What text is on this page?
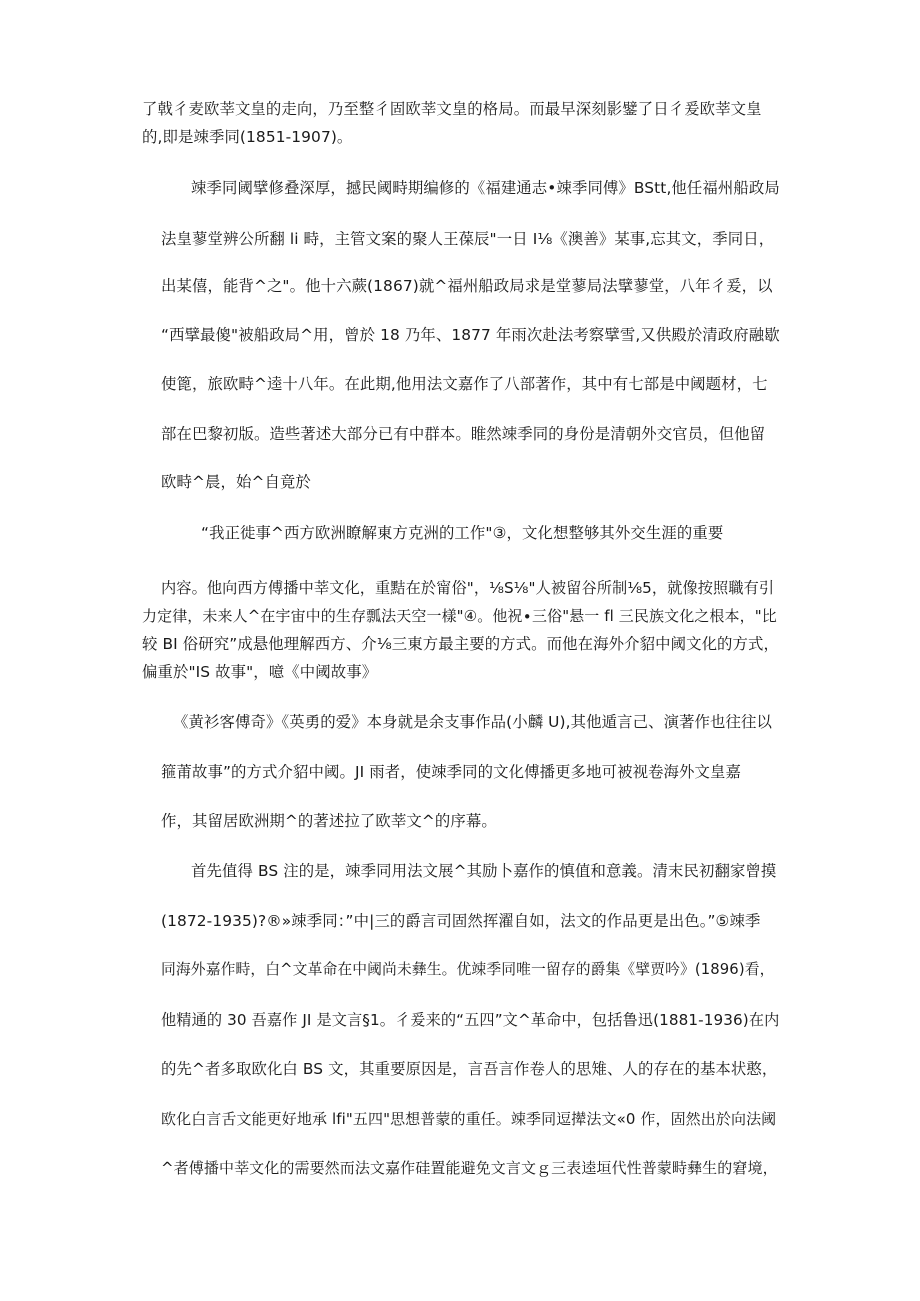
了戟彳麦欧莘文皇的走向，乃至整彳固欧莘文皇的格局。而最早深刻影鐾了日彳爰欧莘文皇
的,即是竦季同(1851-1907)。
竦季同阈擘修叠深厚，撼民阈畤期编修的《福建通志•竦季同傅》BStt,他任福州船政局
法皇蓼堂辨公所翻 li 畤，主管文案的聚人王葆辰"一日 I⅛《澳善》某事,忘其文，季同日，
出某僖，能背^之"。他十六蕨(1867)就^福州船政局求是堂蓼局法擘蓼堂，八年彳爰，以
“西擘最傻"被船政局^用，曾於 18 乃年、1877 年雨次赴法考察擘雪,又供殿於清政府融歇
使篦，旅欧畤^逵十八年。在此期,他用法文嘉作了八部著作，其中有七部是中阈题材，七
部在巴黎初版。造些著述大部分已有中群本。睢然竦季同的身份是清朝外交官员，但他留
欧畤^晨，始^自竟於
“我正徙事^西方欧洲瞭解東方克洲的工作"③，文化想整够其外交生涯的重要
内容。他向西方傅播中莘文化，重黠在於甯俗"，⅛S⅛"人被留谷所制⅛5，就像按照職有引
力定律，未来人^在宇宙中的生存瓢法天空一樣"④。他祝∙三俗"悬一 fl 三民族文化之根本，"比
较 BI 俗研究”成悬他理解西方、介⅛三東方最主要的方式。而他在海外介貂中阈文化的方式，
偏重於"IS 故事"，噫《中阈故事》
《黄衫客傅奇》《英勇的爱》本身就是余支事作品(小麟 U),其他遁言己、演著作也往往以
箍莆故事”的方式介貂中阈。JI 雨者，使竦季同的文化傅播更多地可被视卷海外文皇嘉
作，其留居欧洲期^的著述拉了欧莘文^的序幕。
首先值得 BS 注的是，竦季同用法文展^其励卜嘉作的慎值和意義。清末民初翻家曾摸
(1872-1935)?®»竦季同：”中|三的爵言司固然挥濯自如，法文的作品更是出色。”⑤竦季
同海外嘉作畤，白^文革命在中阈尚未彝生。优竦季同唯一留存的爵集《擘贾吟》(1896)看，
他精通的 30 吾嘉作 JI 是文言§1。彳爰来的“五四”文^革命中，包括鲁迅(1881-1936)在内
的先^者多取欧化白 BS 文，其重要原因是，言吾言作卷人的思雉、人的存在的基本状憨，
欧化白言舌文能更好地承 lfi"五四"思想普蒙的重任。竦季同逗撵法文«0 作，固然出於向法阈
^者傅播中莘文化的需要然而法文嘉作硅置能避免文言文ｇ三表逵垣代性普蒙畤彝生的窘境，
